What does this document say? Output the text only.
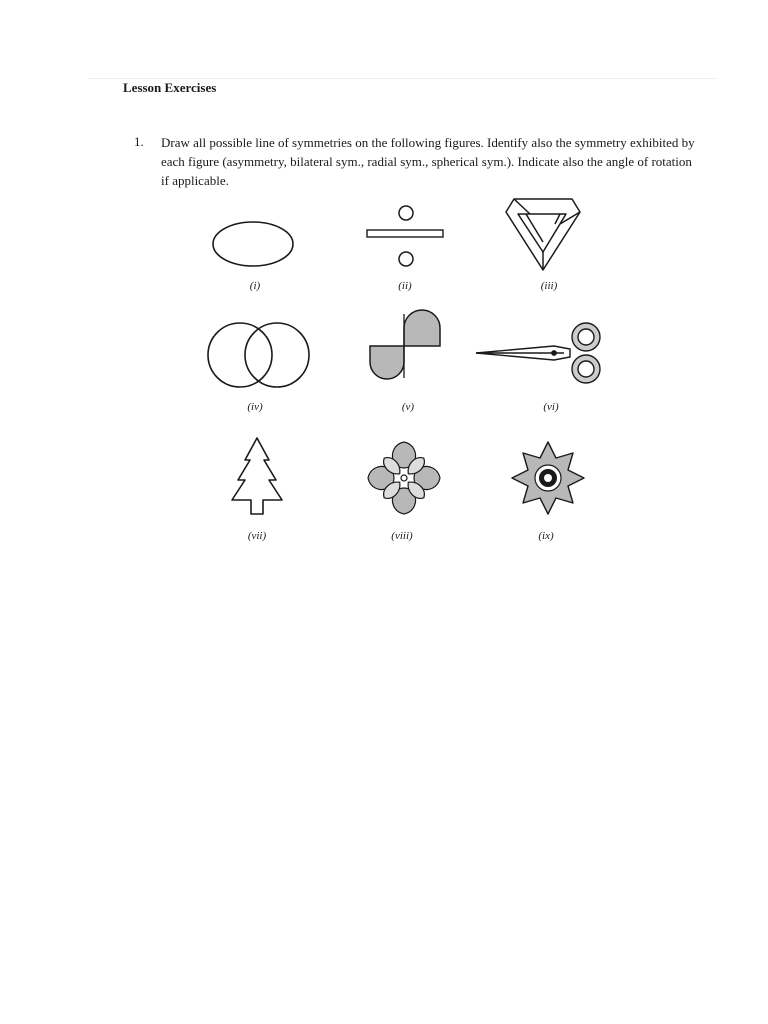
Lesson Exercises
1. Draw all possible line of symmetries on the following figures. Identify also the symmetry exhibited by each figure (asymmetry, bilateral sym., radial sym., spherical sym.). Indicate also the angle of rotation if applicable.
(i)	(ii)	(iii)
(iv)	(v)	(vi)
(vii)	(viii)	(ix)
